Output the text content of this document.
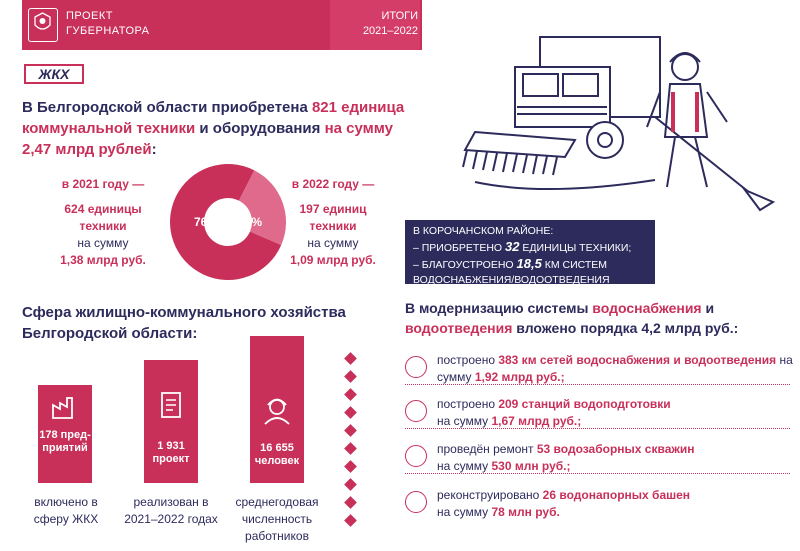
ПРОЕКТ
ГУБЕРНАТОРА
ИТОГИ
2021–2022
ЖКХ
В Белгородской области приобретена 821 единица коммунальной техники и оборудования на сумму 2,47 млрд рублей:
в 2021 году —
624 единицы техники
на сумму
1,38 млрд руб.
76% 24%
в 2022 году —
197 единиц техники
на сумму
1,09 млрд руб.
В КОРОЧАНСКОМ РАЙОНЕ:
– ПРИОБРЕТЕНО 32 ЕДИНИЦЫ ТЕХНИКИ;
– БЛАГОУСТРОЕНО 18,5 КМ СИСТЕМ
ВОДОСНАБЖЕНИЯ/ВОДООТВЕДЕНИЯ
Сфера жилищно-коммунального хозяйства Белгородской области:
178 пред-приятий
включено в сферу ЖКХ
1 931 проект
реализован в 2021–2022 годах
16 655 человек
среднегодовая численность работников
В модернизацию системы водоснабжения и водоотведения вложено порядка 4,2 млрд руб.:
построено 383 км сетей водоснабжения и водоотведения на сумму 1,92 млрд руб.;
построено 209 станций водоподготовки
на сумму 1,67 млрд руб.;
проведён ремонт 53 водозаборных скважин
на сумму 530 млн руб.;
реконструировано 26 водонапорных башен
на сумму 78 млн руб.
